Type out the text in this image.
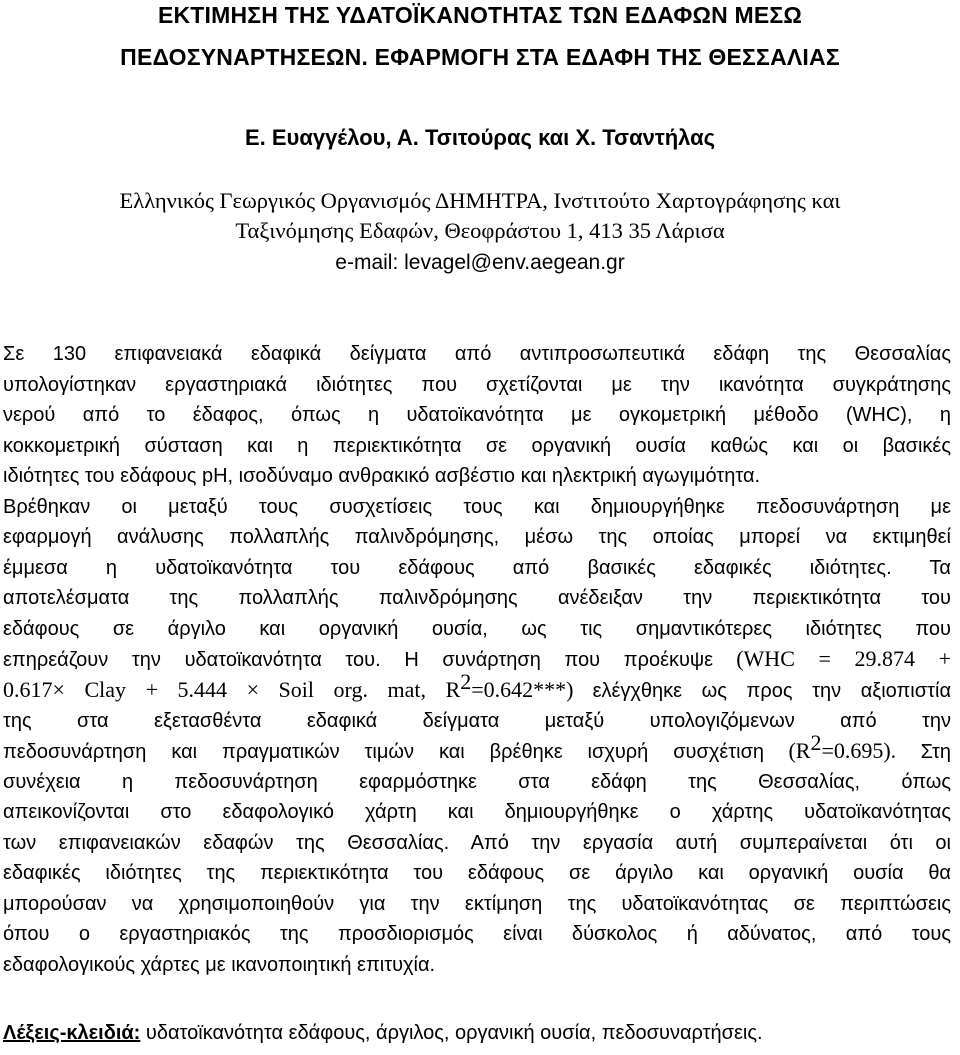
ΕΚΤΙΜΗΣΗ ΤΗΣ ΥΔΑΤΟΪΚΑΝΟΤΗΤΑΣ ΤΩΝ ΕΔΑΦΩΝ ΜΕΣΩ
ΠΕΔΟΣΥΝΑΡΤΗΣΕΩΝ. ΕΦΑΡΜΟΓΗ ΣΤΑ ΕΔΑΦΗ ΤΗΣ ΘΕΣΣΑΛΙΑΣ
Ε. Ευαγγέλου, Α. Τσιτούρας και Χ. Τσαντήλας
Ελληνικός Γεωργικός Οργανισμός ΔΗΜΗΤΡΑ, Ινστιτούτο Χαρτογράφησης και
Ταξινόμησης Εδαφών, Θεοφράστου 1, 413 35 Λάρισα
e-mail: levagel@env.aegean.gr
Σε 130 επιφανειακά εδαφικά δείγματα από αντιπροσωπευτικά εδάφη της Θεσσαλίας
υπολογίστηκαν εργαστηριακά ιδιότητες που σχετίζονται με την ικανότητα συγκράτησης
νερού από το έδαφος, όπως η υδατοϊκανότητα με ογκομετρική μέθοδο (WHC), η
κοκκομετρική σύσταση και η περιεκτικότητα σε οργανική ουσία καθώς και οι βασικές
ιδιότητες του εδάφους pH, ισοδύναμο ανθρακικό ασβέστιο και ηλεκτρική αγωγιμότητα.
Βρέθηκαν οι μεταξύ τους συσχετίσεις τους και δημιουργήθηκε πεδοσυνάρτηση με
εφαρμογή ανάλυσης πολλαπλής παλινδρόμησης, μέσω της οποίας μπορεί να εκτιμηθεί
έμμεσα η υδατοϊκανότητα του εδάφους από βασικές εδαφικές ιδιότητες. Τα
αποτελέσματα της πολλαπλής παλινδρόμησης ανέδειξαν την περιεκτικότητα του
εδάφους σε άργιλο και οργανική ουσία, ως τις σημαντικότερες ιδιότητες που
επηρεάζουν την υδατοϊκανότητα του. Η συνάρτηση που προέκυψε (WHC = 29.874 +
0.617× Clay + 5.444 × Soil org. mat, $R^2=0.642***$) ελέγχθηκε ως προς την αξιοπιστία
της στα εξετασθέντα εδαφικά δείγματα μεταξύ υπολογιζόμενων από την
πεδοσυνάρτηση και πραγματικών τιμών και βρέθηκε ισχυρή συσχέτιση $(R^2=0.695)$. Στη
συνέχεια η πεδοσυνάρτηση εφαρμόστηκε στα εδάφη της Θεσσαλίας, όπως
απεικονίζονται στο εδαφολογικό χάρτη και δημιουργήθηκε ο χάρτης υδατοϊκανότητας
των επιφανειακών εδαφών της Θεσσαλίας. Από την εργασία αυτή συμπεραίνεται ότι οι
εδαφικές ιδιότητες της περιεκτικότητα του εδάφους σε άργιλο και οργανική ουσία θα
μπορούσαν να χρησιμοποιηθούν για την εκτίμηση της υδατοϊκανότητας σε περιπτώσεις
όπου ο εργαστηριακός της προσδιορισμός είναι δύσκολος ή αδύνατος, από τους
εδαφολογικούς χάρτες με ικανοποιητική επιτυχία.
Λέξεις-κλειδιά: υδατοϊκανότητα εδάφους, άργιλος, οργανική ουσία, πεδοσυναρτήσεις.
